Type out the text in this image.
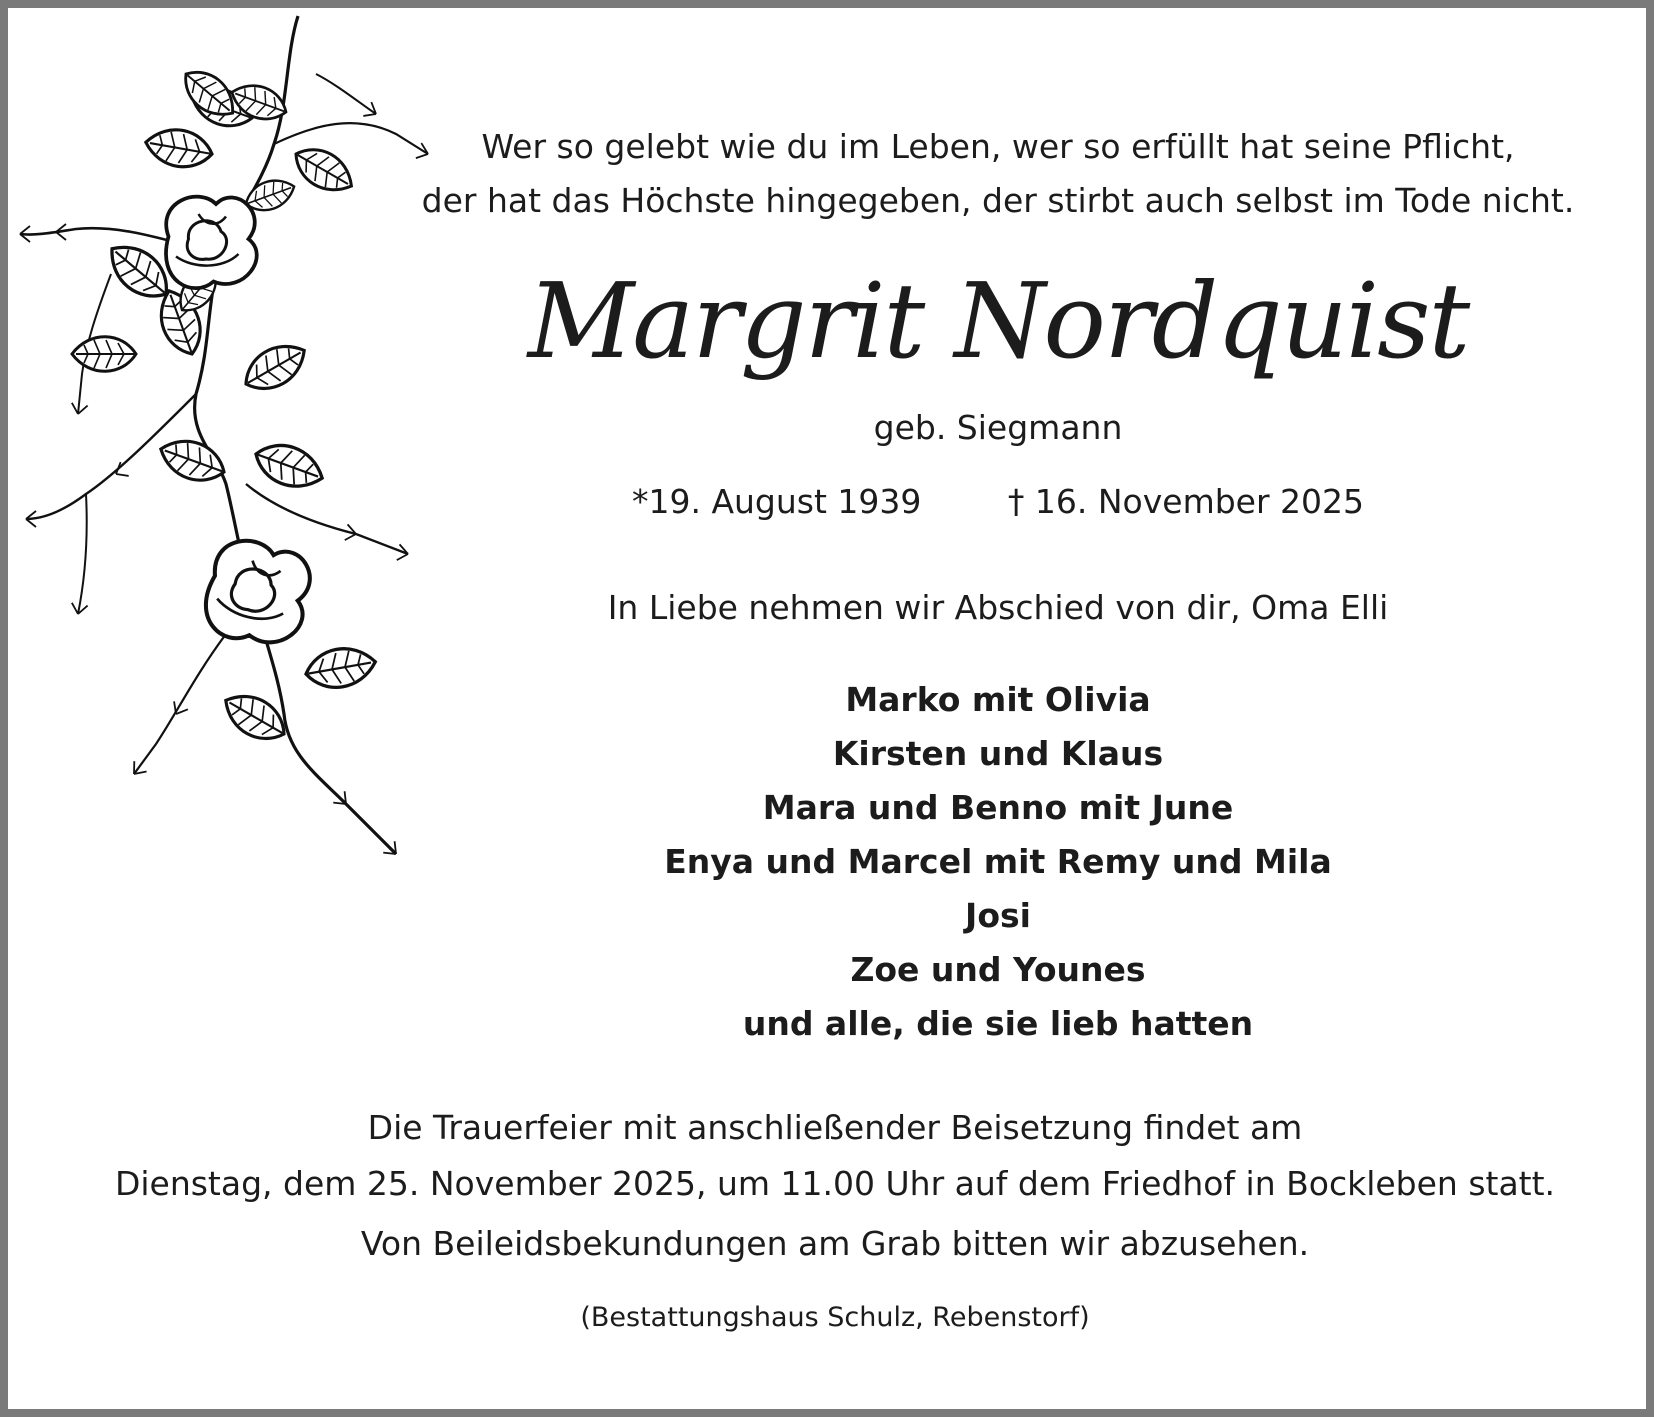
Wer so gelebt wie du im Leben, wer so erfüllt hat seine Pflicht,
der hat das Höchste hingegeben, der stirbt auch selbst im Tode nicht.
Margrit Nordquist
geb. Siegmann
*19. August 1939	† 16. November 2025
In Liebe nehmen wir Abschied von dir, Oma Elli
Marko mit Olivia
Kirsten und Klaus
Mara und Benno mit June
Enya und Marcel mit Remy und Mila
Josi
Zoe und Younes
und alle, die sie lieb hatten
Die Trauerfeier mit anschließender Beisetzung findet am
Dienstag, dem 25. November 2025, um 11.00 Uhr auf dem Friedhof in Bockleben statt.
Von Beileidsbekundungen am Grab bitten wir abzusehen.
(Bestattungshaus Schulz, Rebenstorf)
